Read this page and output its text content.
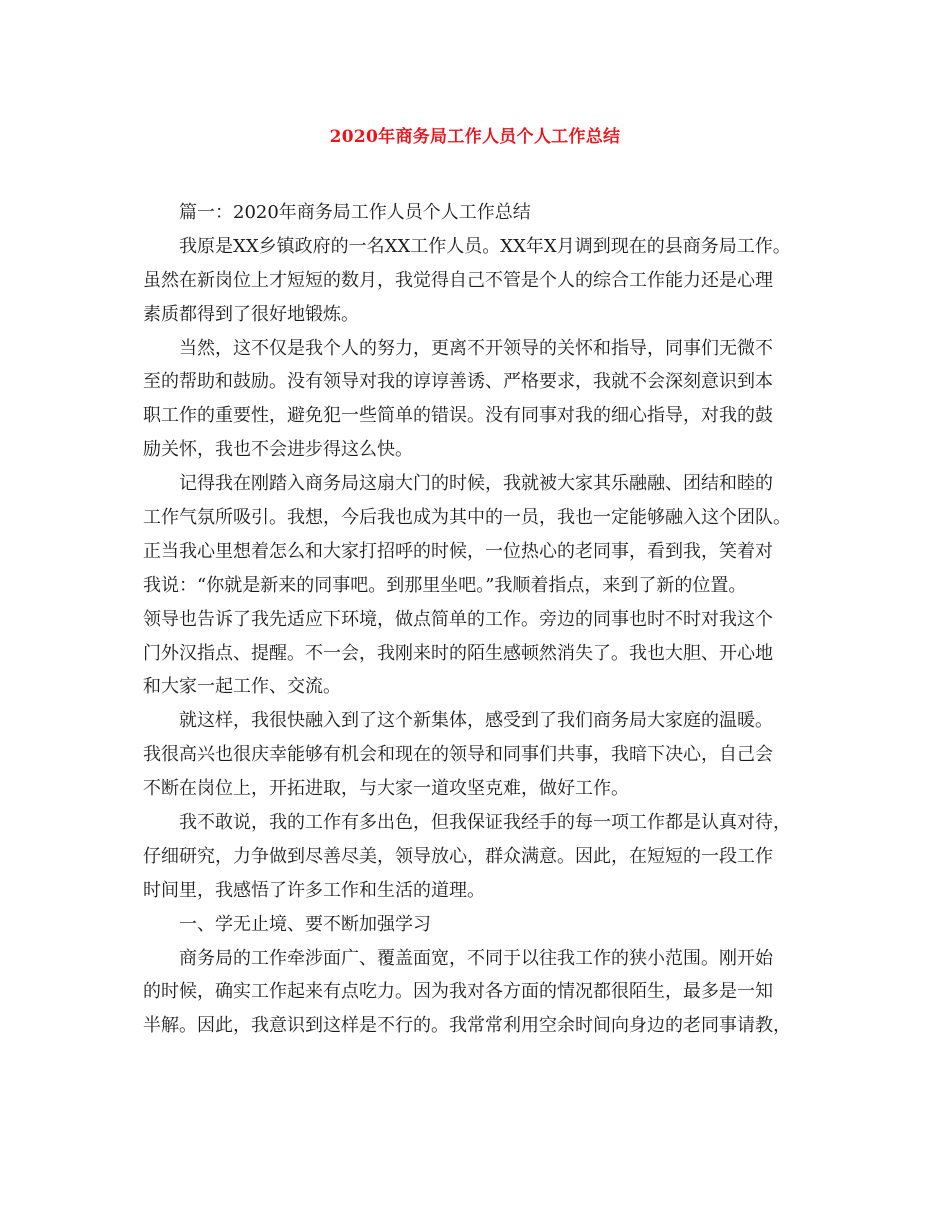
2020年商务局工作人员个人工作总结
篇一：2020年商务局工作人员个人工作总结
我原是XX乡镇政府的一名XX工作人员。XX年X月调到现在的县商务局工作。
虽然在新岗位上才短短的数月，我觉得自己不管是个人的综合工作能力还是心理
素质都得到了很好地锻炼。
当然，这不仅是我个人的努力，更离不开领导的关怀和指导，同事们无微不
至的帮助和鼓励。没有领导对我的谆谆善诱、严格要求，我就不会深刻意识到本
职工作的重要性，避免犯一些简单的错误。没有同事对我的细心指导，对我的鼓
励关怀，我也不会进步得这么快。
记得我在刚踏入商务局这扇大门的时候，我就被大家其乐融融、团结和睦的
工作气氛所吸引。我想，今后我也成为其中的一员，我也一定能够融入这个团队。
正当我心里想着怎么和大家打招呼的时候，一位热心的老同事，看到我，笑着对
我说：“你就是新来的同事吧。到那里坐吧。”我顺着指点，来到了新的位置。
领导也告诉了我先适应下环境，做点简单的工作。旁边的同事也时不时对我这个
门外汉指点、提醒。不一会，我刚来时的陌生感顿然消失了。我也大胆、开心地
和大家一起工作、交流。
就这样，我很快融入到了这个新集体，感受到了我们商务局大家庭的温暖。
我很高兴也很庆幸能够有机会和现在的领导和同事们共事，我暗下决心，自己会
不断在岗位上，开拓进取，与大家一道攻坚克难，做好工作。
我不敢说，我的工作有多出色，但我保证我经手的每一项工作都是认真对待，
仔细研究，力争做到尽善尽美，领导放心，群众满意。因此，在短短的一段工作
时间里，我感悟了许多工作和生活的道理。
一、学无止境、要不断加强学习
商务局的工作牵涉面广、覆盖面宽，不同于以往我工作的狭小范围。刚开始
的时候，确实工作起来有点吃力。因为我对各方面的情况都很陌生，最多是一知
半解。因此，我意识到这样是不行的。我常常利用空余时间向身边的老同事请教，
